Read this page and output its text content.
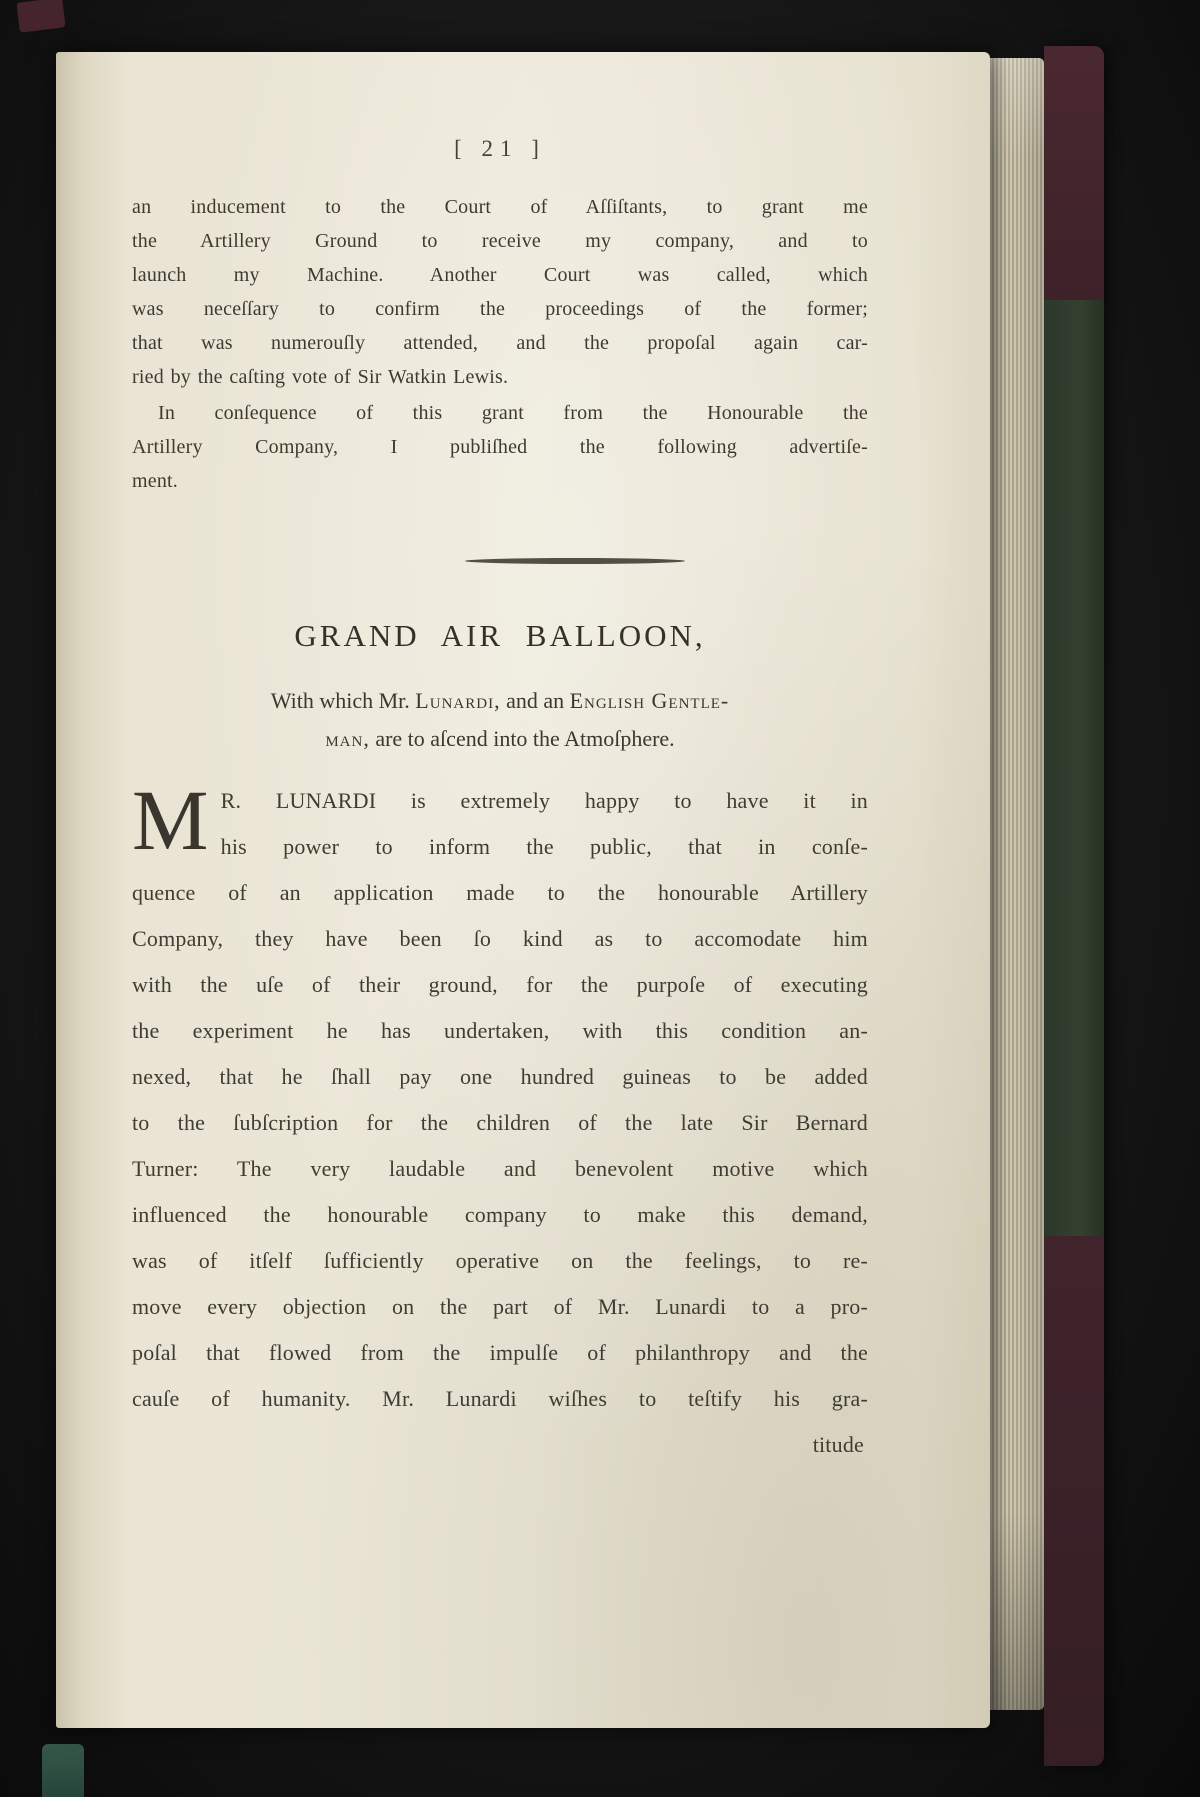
[ 21 ]
an inducement to the Court of Aſſiſtants, to grant me
the Artillery Ground to receive my company, and to
launch my Machine. Another Court was called, which
was neceſſary to confirm the proceedings of the former;
that was numerouſly attended, and the propoſal again car-
ried by the caſting vote of Sir Watkin Lewis.
In conſequence of this grant from the Honourable the
Artillery Company, I publiſhed the following advertiſe-
ment.
GRAND AIR BALLOON,
With which Mr. Lunardi, and an English Gentle-
man, are to aſcend into the Atmoſphere.
M R. LUNARDI is extremely happy to have it in
his power to inform the public, that in conſe-
quence of an application made to the honourable Artillery
Company, they have been ſo kind as to accomodate him
with the uſe of their ground, for the purpoſe of executing
the experiment he has undertaken, with this condition an-
nexed, that he ſhall pay one hundred guineas to be added
to the ſubſcription for the children of the late Sir Bernard
Turner: The very laudable and benevolent motive which
influenced the honourable company to make this demand,
was of itſelf ſufficiently operative on the feelings, to re-
move every objection on the part of Mr. Lunardi to a pro-
poſal that flowed from the impulſe of philanthropy and the
cauſe of humanity. Mr. Lunardi wiſhes to teſtify his gra-
titude
